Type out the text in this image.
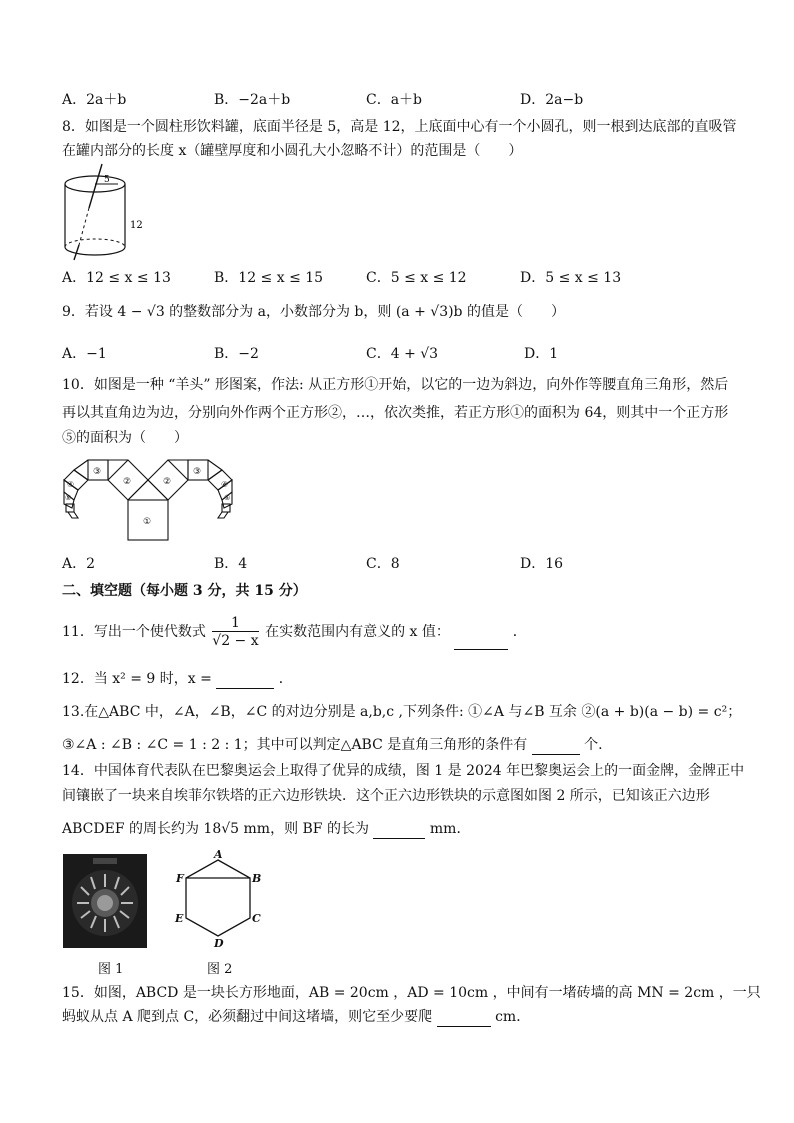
A．2a＋b	B．−2a＋b	C．a＋b	D．2a−b
8．如图是一个圆柱形饮料罐，底面半径是 5，高是 12，上底面中心有一个小圆孔，则一根到达底部的直吸管
在罐内部分的长度 x（罐壁厚度和小圆孔大小忽略不计）的范围是（　　）
5
12
A．12 ≤ x ≤ 13	B．12 ≤ x ≤ 15	C．5 ≤ x ≤ 12	D．5 ≤ x ≤ 13
9．若设 4 − √3 的整数部分为 a，小数部分为 b，则 (a + √3)b 的值是（　　）
A．−1	B．−2	C．4 + √3	D．1
10．如图是一种 “羊头” 形图案，作法: 从正方形①开始，以它的一边为斜边，向外作等腰直角三角形，然后
再以其直角边为边，分别向外作两个正方形②，…，依次类推，若正方形①的面积为 64，则其中一个正方形
⑤的面积为（　　）
①
②	②
③	③
④	④
⑤	⑤
A．2	B．4	C．8	D．16
二、填空题（每小题 3 分，共 15 分）
11．写出一个使代数式 $\frac{1}{√2 - x}$ 在实数范围内有意义的 x 值：	．
12．当 x² = 9 时，x =	．
13.在△ABC 中，∠A，∠B，∠C 的对边分别是 a,b,c ,下列条件: ①∠A 与∠B 互余 ②(a + b)(a − b) = c²；
③∠A : ∠B : ∠C = 1 : 2 : 1；其中可以判定△ABC 是直角三角形的条件有	个.
14．中国体育代表队在巴黎奥运会上取得了优异的成绩，图 1 是 2024 年巴黎奥运会上的一面金牌，金牌正中
间镶嵌了一块来自埃菲尔铁塔的正六边形铁块．这个正六边形铁块的示意图如图 2 所示，已知该正六边形
ABCDEF 的周长约为 18√5 mm，则 BF 的长为	mm．
A
B
C
D
E
F
图 1	图 2
15．如图，ABCD 是一块长方形地面，AB = 20cm ，AD = 10cm ，中间有一堵砖墙的高 MN = 2cm ，一只
蚂蚁从点 A 爬到点 C，必须翻过中间这堵墙，则它至少要爬	cm．
